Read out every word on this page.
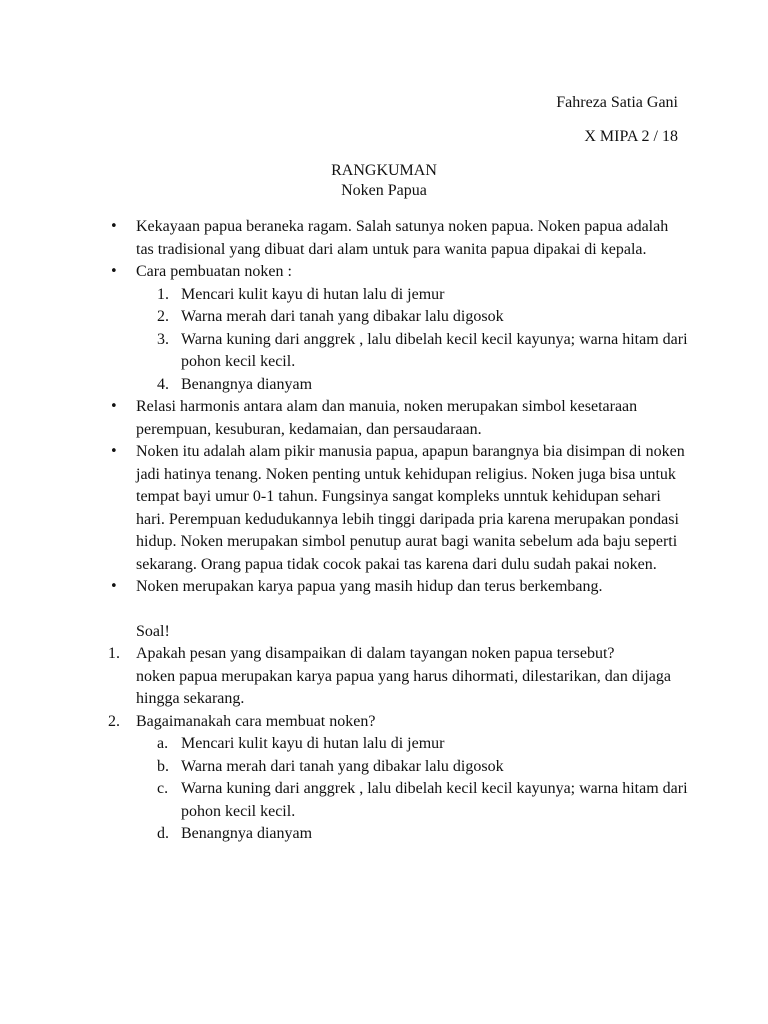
Fahreza Satia Gani
X MIPA 2 / 18
RANGKUMAN
Noken Papua
• Kekayaan papua beraneka ragam. Salah satunya noken papua. Noken papua adalah tas tradisional yang dibuat dari alam untuk para wanita papua dipakai di kepala.
• Cara pembuatan noken :
1. Mencari kulit kayu di hutan lalu di jemur
2. Warna merah dari tanah yang dibakar lalu digosok
3. Warna kuning dari anggrek , lalu dibelah kecil kecil kayunya; warna hitam dari pohon kecil kecil.
4. Benangnya dianyam
• Relasi harmonis antara alam dan manuia, noken merupakan simbol kesetaraan perempuan, kesuburan, kedamaian, dan persaudaraan.
• Noken itu adalah alam pikir manusia papua, apapun barangnya bia disimpan di noken jadi hatinya tenang. Noken penting untuk kehidupan religius. Noken juga bisa untuk tempat bayi umur 0-1 tahun. Fungsinya sangat kompleks unntuk kehidupan sehari hari. Perempuan kedudukannya lebih tinggi daripada pria karena merupakan pondasi hidup. Noken merupakan simbol penutup aurat bagi wanita sebelum ada baju seperti sekarang. Orang papua tidak cocok pakai tas karena dari dulu sudah pakai noken.
• Noken merupakan karya papua yang masih hidup dan terus berkembang.
Soal!
1. Apakah pesan yang disampaikan di dalam tayangan noken papua tersebut?
noken papua merupakan karya papua yang harus dihormati, dilestarikan, dan dijaga hingga sekarang.
2. Bagaimanakah cara membuat noken?
a. Mencari kulit kayu di hutan lalu di jemur
b. Warna merah dari tanah yang dibakar lalu digosok
c. Warna kuning dari anggrek , lalu dibelah kecil kecil kayunya; warna hitam dari pohon kecil kecil.
d. Benangnya dianyam
